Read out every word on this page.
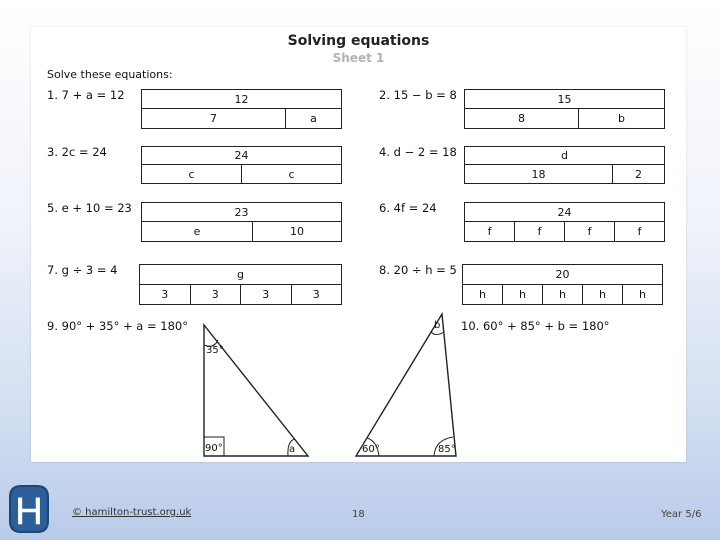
Solving equations
Sheet 1
Solve these equations:
1. 7 + a = 12	12
7	a
2. 15 − b = 8	15
8	b
3. 2c = 24	24
c	c
4. d − 2 = 18	d
18	2
5. e + 10 = 23	23
e	10
6. 4f = 24	24
f	f	f	f
7. g ÷ 3 = 4	g
3	3	3	3
8. 20 ÷ h = 5	20
h	h	h	h	h
9. 90° + 35° + a = 180°	10. 60° + 85° + b = 180°
35°
90°	a
b
60°	85°
H	© hamilton-trust.org.uk	18	Year 5/6
